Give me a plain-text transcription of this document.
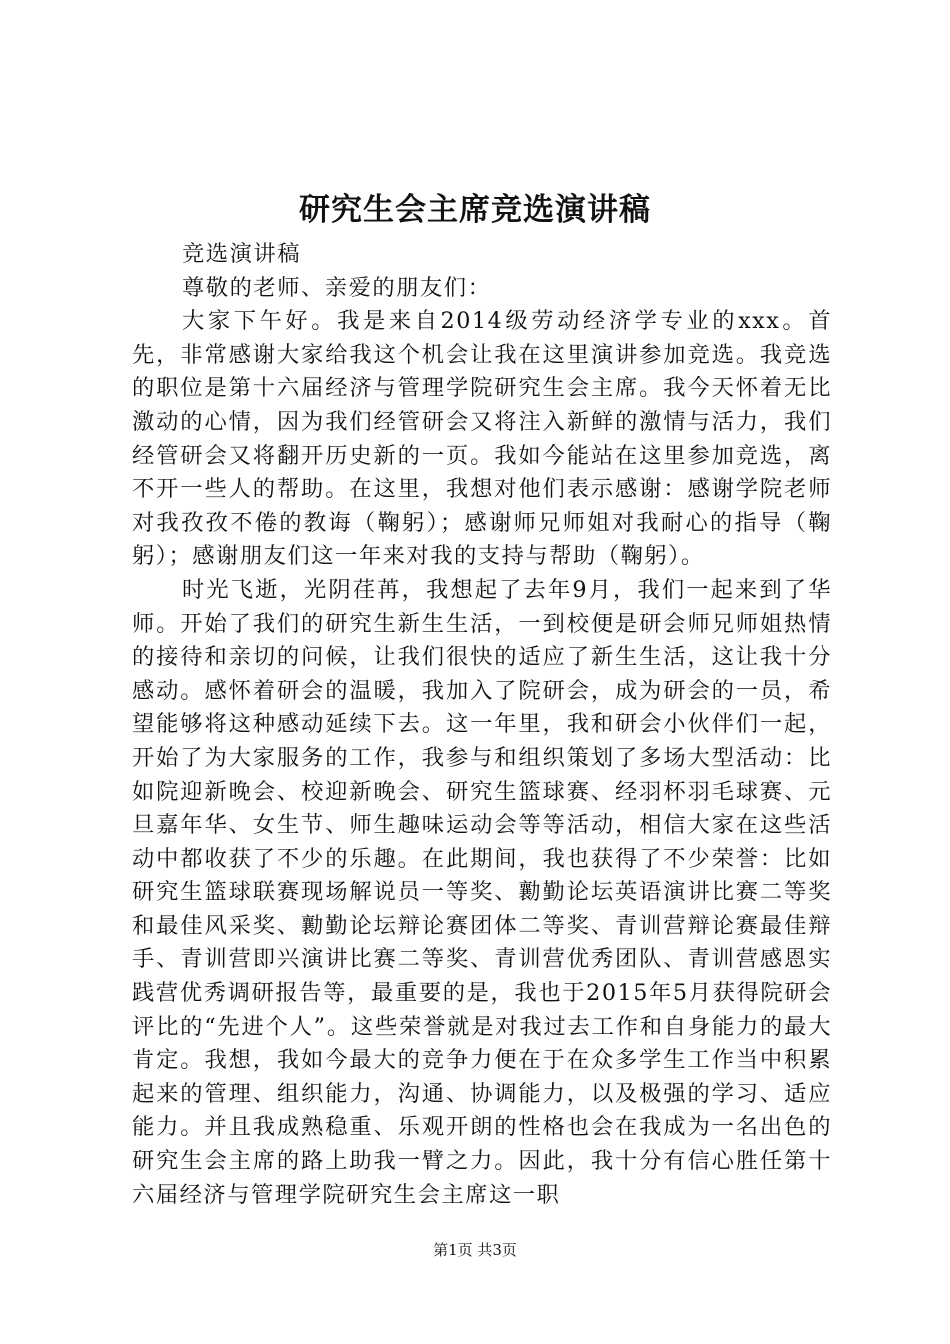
研究生会主席竞选演讲稿

竞选演讲稿

尊敬的老师、亲爱的朋友们：

大家下午好。我是来自2014级劳动经济学专业的xxx。首先，非常感谢大家给我这个机会让我在这里演讲参加竞选。我竞选的职位是第十六届经济与管理学院研究生会主席。我今天怀着无比激动的心情，因为我们经管研会又将注入新鲜的激情与活力，我们经管研会又将翻开历史新的一页。我如今能站在这里参加竞选，离不开一些人的帮助。在这里，我想对他们表示感谢：感谢学院老师对我孜孜不倦的教诲（鞠躬）；感谢师兄师姐对我耐心的指导（鞠躬）；感谢朋友们这一年来对我的支持与帮助（鞠躬）。

时光飞逝，光阴荏苒，我想起了去年9月，我们一起来到了华师。开始了我们的研究生新生生活，一到校便是研会师兄师姐热情的接待和亲切的问候，让我们很快的适应了新生生活，这让我十分感动。感怀着研会的温暖，我加入了院研会，成为研会的一员，希望能够将这种感动延续下去。这一年里，我和研会小伙伴们一起，开始了为大家服务的工作，我参与和组织策划了多场大型活动：比如院迎新晚会、校迎新晚会、研究生篮球赛、经羽杯羽毛球赛、元旦嘉年华、女生节、师生趣味运动会等等活动，相信大家在这些活动中都收获了不少的乐趣。在此期间，我也获得了不少荣誉：比如研究生篮球联赛现场解说员一等奖、勷勤论坛英语演讲比赛二等奖和最佳风采奖、勷勤论坛辩论赛团体二等奖、青训营辩论赛最佳辩手、青训营即兴演讲比赛二等奖、青训营优秀团队、青训营感恩实践营优秀调研报告等，最重要的是，我也于2015年5月获得院研会评比的“先进个人”。这些荣誉就是对我过去工作和自身能力的最大肯定。我想，我如今最大的竞争力便在于在众多学生工作当中积累起来的管理、组织能力，沟通、协调能力，以及极强的学习、适应能力。并且我成熟稳重、乐观开朗的性格也会在我成为一名出色的研究生会主席的路上助我一臂之力。因此，我十分有信心胜任第十六届经济与管理学院研究生会主席这一职

第1页 共3页
